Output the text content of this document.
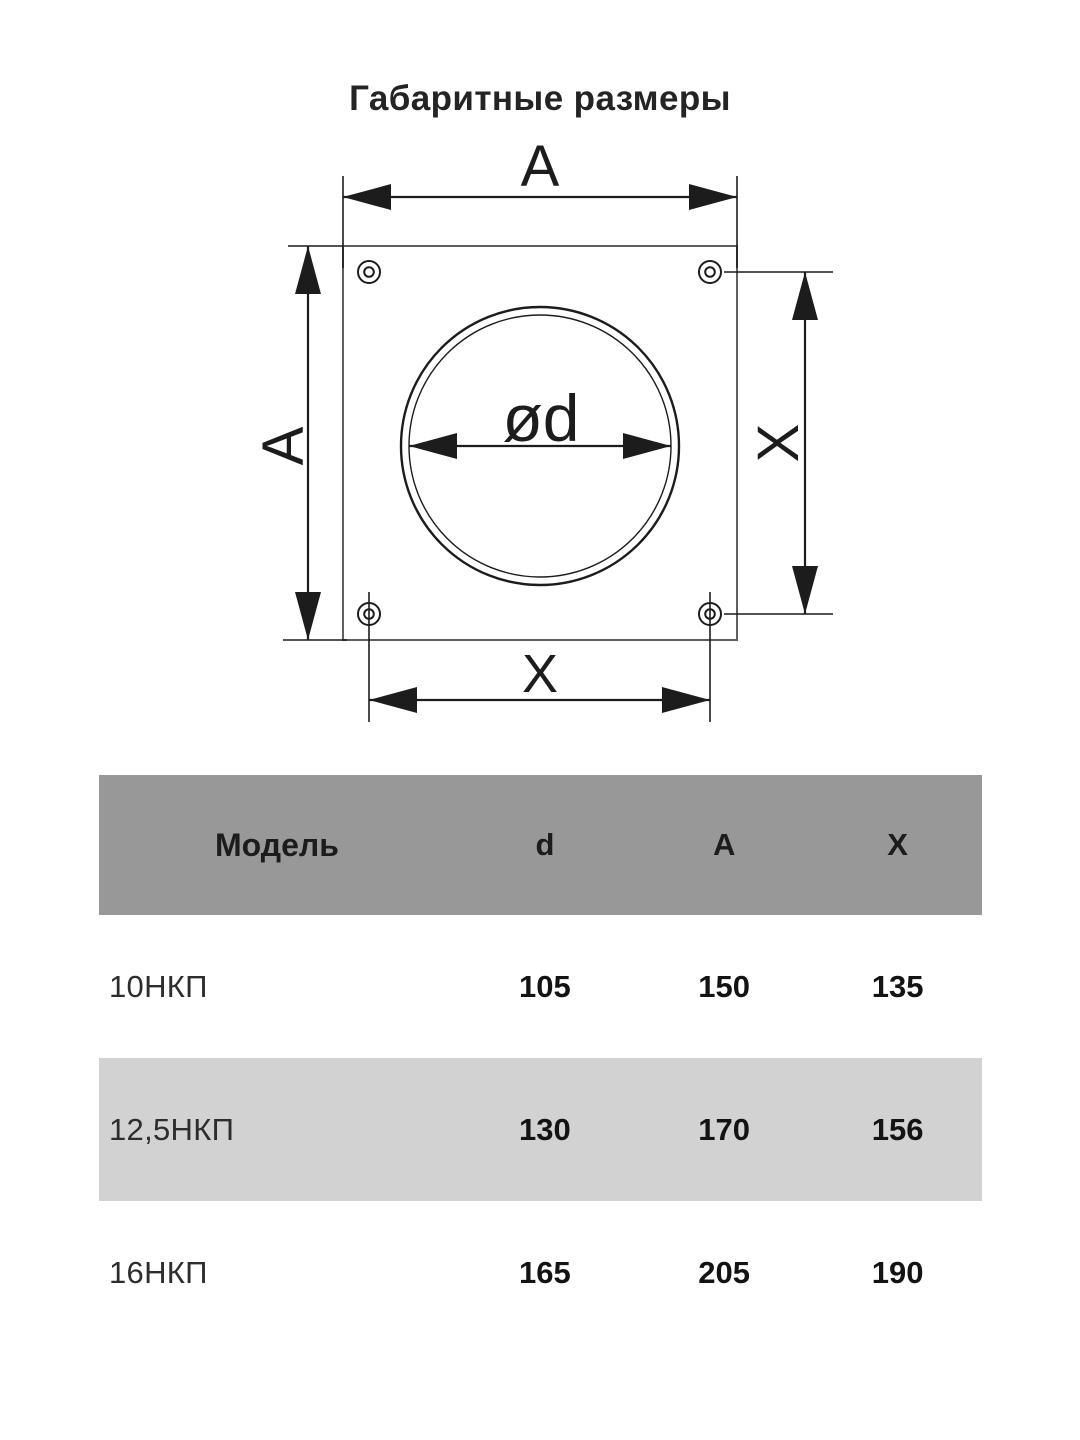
Габаритные размеры
A
A	X
X
ød
Модель	d	A	X
10НКП	105	150	135
12,5НКП	130	170	156
16НКП	165	205	190
